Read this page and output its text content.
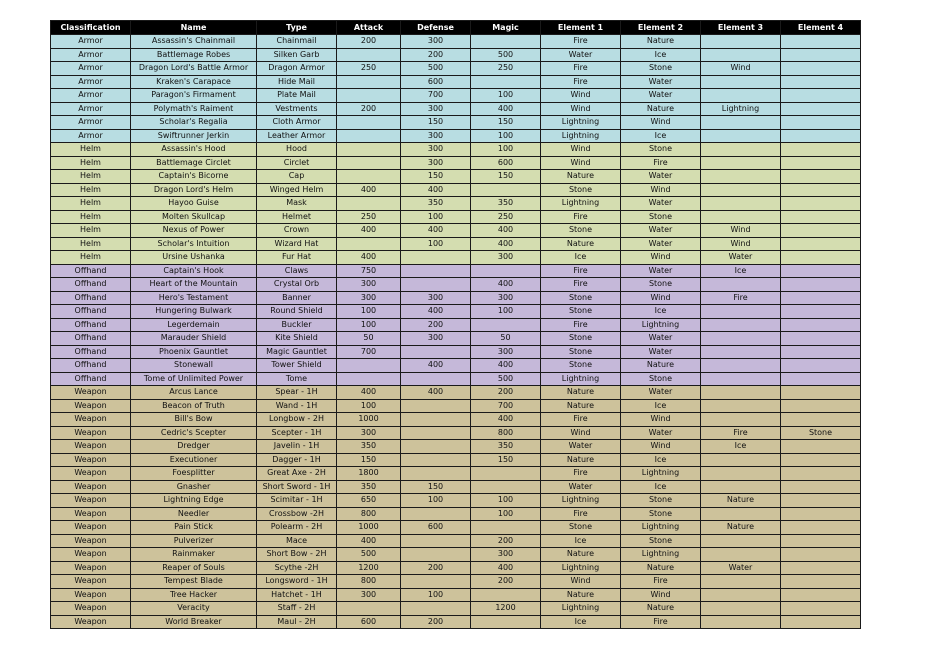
Classification	Name	Type	Attack	Defense	Magic	Element 1	Element 2	Element 3	Element 4
Armor	Assassin's Chainmail	Chainmail	200	300		Fire	Nature		
Armor	Battlemage Robes	Silken Garb		200	500	Water	Ice		
Armor	Dragon Lord's Battle Armor	Dragon Armor	250	500	250	Fire	Stone	Wind	
Armor	Kraken's Carapace	Hide Mail		600		Fire	Water		
Armor	Paragon's Firmament	Plate Mail		700	100	Wind	Water		
Armor	Polymath's Raiment	Vestments	200	300	400	Wind	Nature	Lightning	
Armor	Scholar's Regalia	Cloth Armor		150	150	Lightning	Wind		
Armor	Swiftrunner Jerkin	Leather Armor		300	100	Lightning	Ice		
Helm	Assassin's Hood	Hood		300	100	Wind	Stone		
Helm	Battlemage Circlet	Circlet		300	600	Wind	Fire		
Helm	Captain's Bicorne	Cap		150	150	Nature	Water		
Helm	Dragon Lord's Helm	Winged Helm	400	400		Stone	Wind		
Helm	Hayoo Guise	Mask		350	350	Lightning	Water		
Helm	Molten Skullcap	Helmet	250	100	250	Fire	Stone		
Helm	Nexus of Power	Crown	400	400	400	Stone	Water	Wind	
Helm	Scholar's Intuition	Wizard Hat		100	400	Nature	Water	Wind	
Helm	Ursine Ushanka	Fur Hat	400		300	Ice	Wind	Water	
Offhand	Captain's Hook	Claws	750			Fire	Water	Ice	
Offhand	Heart of the Mountain	Crystal Orb	300		400	Fire	Stone		
Offhand	Hero's Testament	Banner	300	300	300	Stone	Wind	Fire	
Offhand	Hungering Bulwark	Round Shield	100	400	100	Stone	Ice		
Offhand	Legerdemain	Buckler	100	200		Fire	Lightning		
Offhand	Marauder Shield	Kite Shield	50	300	50	Stone	Water		
Offhand	Phoenix Gauntlet	Magic Gauntlet	700		300	Stone	Water		
Offhand	Stonewall	Tower Shield		400	400	Stone	Nature		
Offhand	Tome of Unlimited Power	Tome			500	Lightning	Stone		
Weapon	Arcus Lance	Spear - 1H	400	400	200	Nature	Water		
Weapon	Beacon of Truth	Wand - 1H	100		700	Nature	Ice		
Weapon	Bill's Bow	Longbow - 2H	1000		400	Fire	Wind		
Weapon	Cedric's Scepter	Scepter - 1H	300		800	Wind	Water	Fire	Stone
Weapon	Dredger	Javelin - 1H	350		350	Water	Wind	Ice	
Weapon	Executioner	Dagger - 1H	150		150	Nature	Ice		
Weapon	Foesplitter	Great Axe - 2H	1800			Fire	Lightning		
Weapon	Gnasher	Short Sword - 1H	350	150		Water	Ice		
Weapon	Lightning Edge	Scimitar - 1H	650	100	100	Lightning	Stone	Nature	
Weapon	Needler	Crossbow -2H	800		100	Fire	Stone		
Weapon	Pain Stick	Polearm - 2H	1000	600		Stone	Lightning	Nature	
Weapon	Pulverizer	Mace	400		200	Ice	Stone		
Weapon	Rainmaker	Short Bow - 2H	500		300	Nature	Lightning		
Weapon	Reaper of Souls	Scythe -2H	1200	200	400	Lightning	Nature	Water	
Weapon	Tempest Blade	Longsword - 1H	800		200	Wind	Fire		
Weapon	Tree Hacker	Hatchet - 1H	300	100		Nature	Wind		
Weapon	Veracity	Staff - 2H			1200	Lightning	Nature		
Weapon	World Breaker	Maul - 2H	600	200		Ice	Fire		
